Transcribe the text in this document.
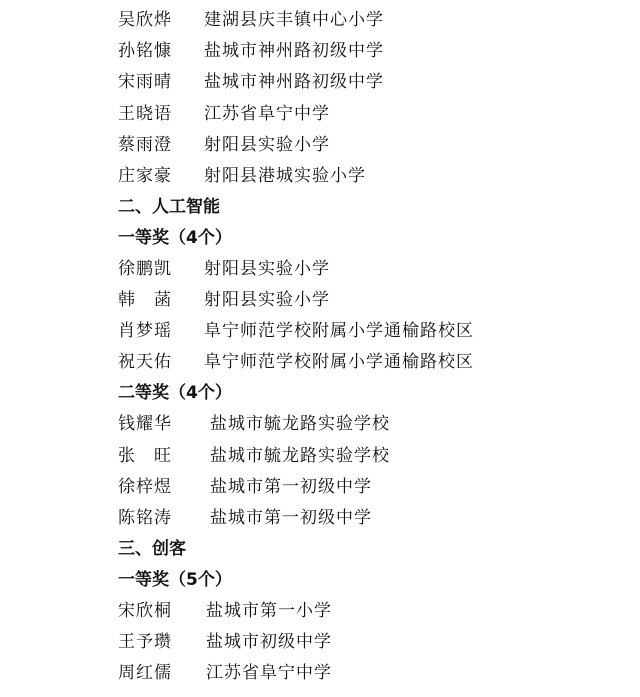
吴欣烨 建湖县庆丰镇中心小学
孙铭慷 盐城市神州路初级中学
宋雨晴 盐城市神州路初级中学
王晓语 江苏省阜宁中学
蔡雨澄 射阳县实验小学
庄家豪 射阳县港城实验小学
二、人工智能
一等奖（4个）
徐鹏凯 射阳县实验小学
韩　菡 射阳县实验小学
肖梦瑶 阜宁师范学校附属小学通榆路校区
祝天佑 阜宁师范学校附属小学通榆路校区
二等奖（4个）
钱耀华 盐城市毓龙路实验学校
张　旺 盐城市毓龙路实验学校
徐梓煜 盐城市第一初级中学
陈铭涛 盐城市第一初级中学
三、创客
一等奖（5个）
宋欣桐 盐城市第一小学
王予瓒 盐城市初级中学
周红儒 江苏省阜宁中学
